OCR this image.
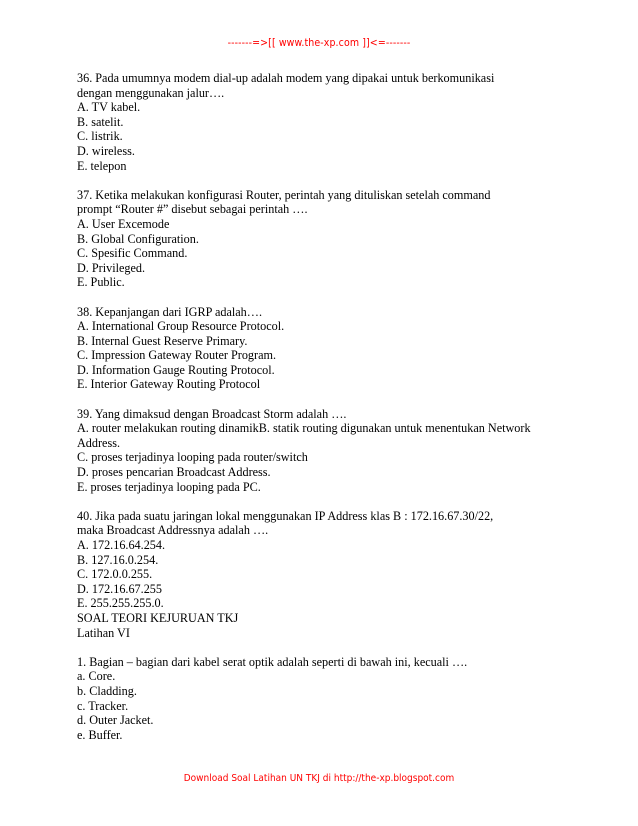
-------=>[[ www.the-xp.com ]]<=-------
36. Pada umumnya modem dial-up adalah modem yang dipakai untuk berkomunikasi
dengan menggunakan jalur….
A. TV kabel.
B. satelit.
C. listrik.
D. wireless.
E. telepon
37. Ketika melakukan konfigurasi Router, perintah yang dituliskan setelah command
prompt “Router #” disebut sebagai perintah ….
A. User Excemode
B. Global Configuration.
C. Spesific Command.
D. Privileged.
E. Public.
38. Kepanjangan dari IGRP adalah….
A. International Group Resource Protocol.
B. Internal Guest Reserve Primary.
C. Impression Gateway Router Program.
D. Information Gauge Routing Protocol.
E. Interior Gateway Routing Protocol
39. Yang dimaksud dengan Broadcast Storm adalah ….
A. router melakukan routing dinamikB. statik routing digunakan untuk menentukan Network
Address.
C. proses terjadinya looping pada router/switch
D. proses pencarian Broadcast Address.
E. proses terjadinya looping pada PC.
40. Jika pada suatu jaringan lokal menggunakan IP Address klas B : 172.16.67.30/22,
maka Broadcast Addressnya adalah ….
A. 172.16.64.254.
B. 127.16.0.254.
C. 172.0.0.255.
D. 172.16.67.255
E. 255.255.255.0.
SOAL TEORI KEJURUAN TKJ
Latihan VI
1. Bagian – bagian dari kabel serat optik adalah seperti di bawah ini, kecuali ….
a. Core.
b. Cladding.
c. Tracker.
d. Outer Jacket.
e. Buffer.
Download Soal Latihan UN TKJ di http://the-xp.blogspot.com
